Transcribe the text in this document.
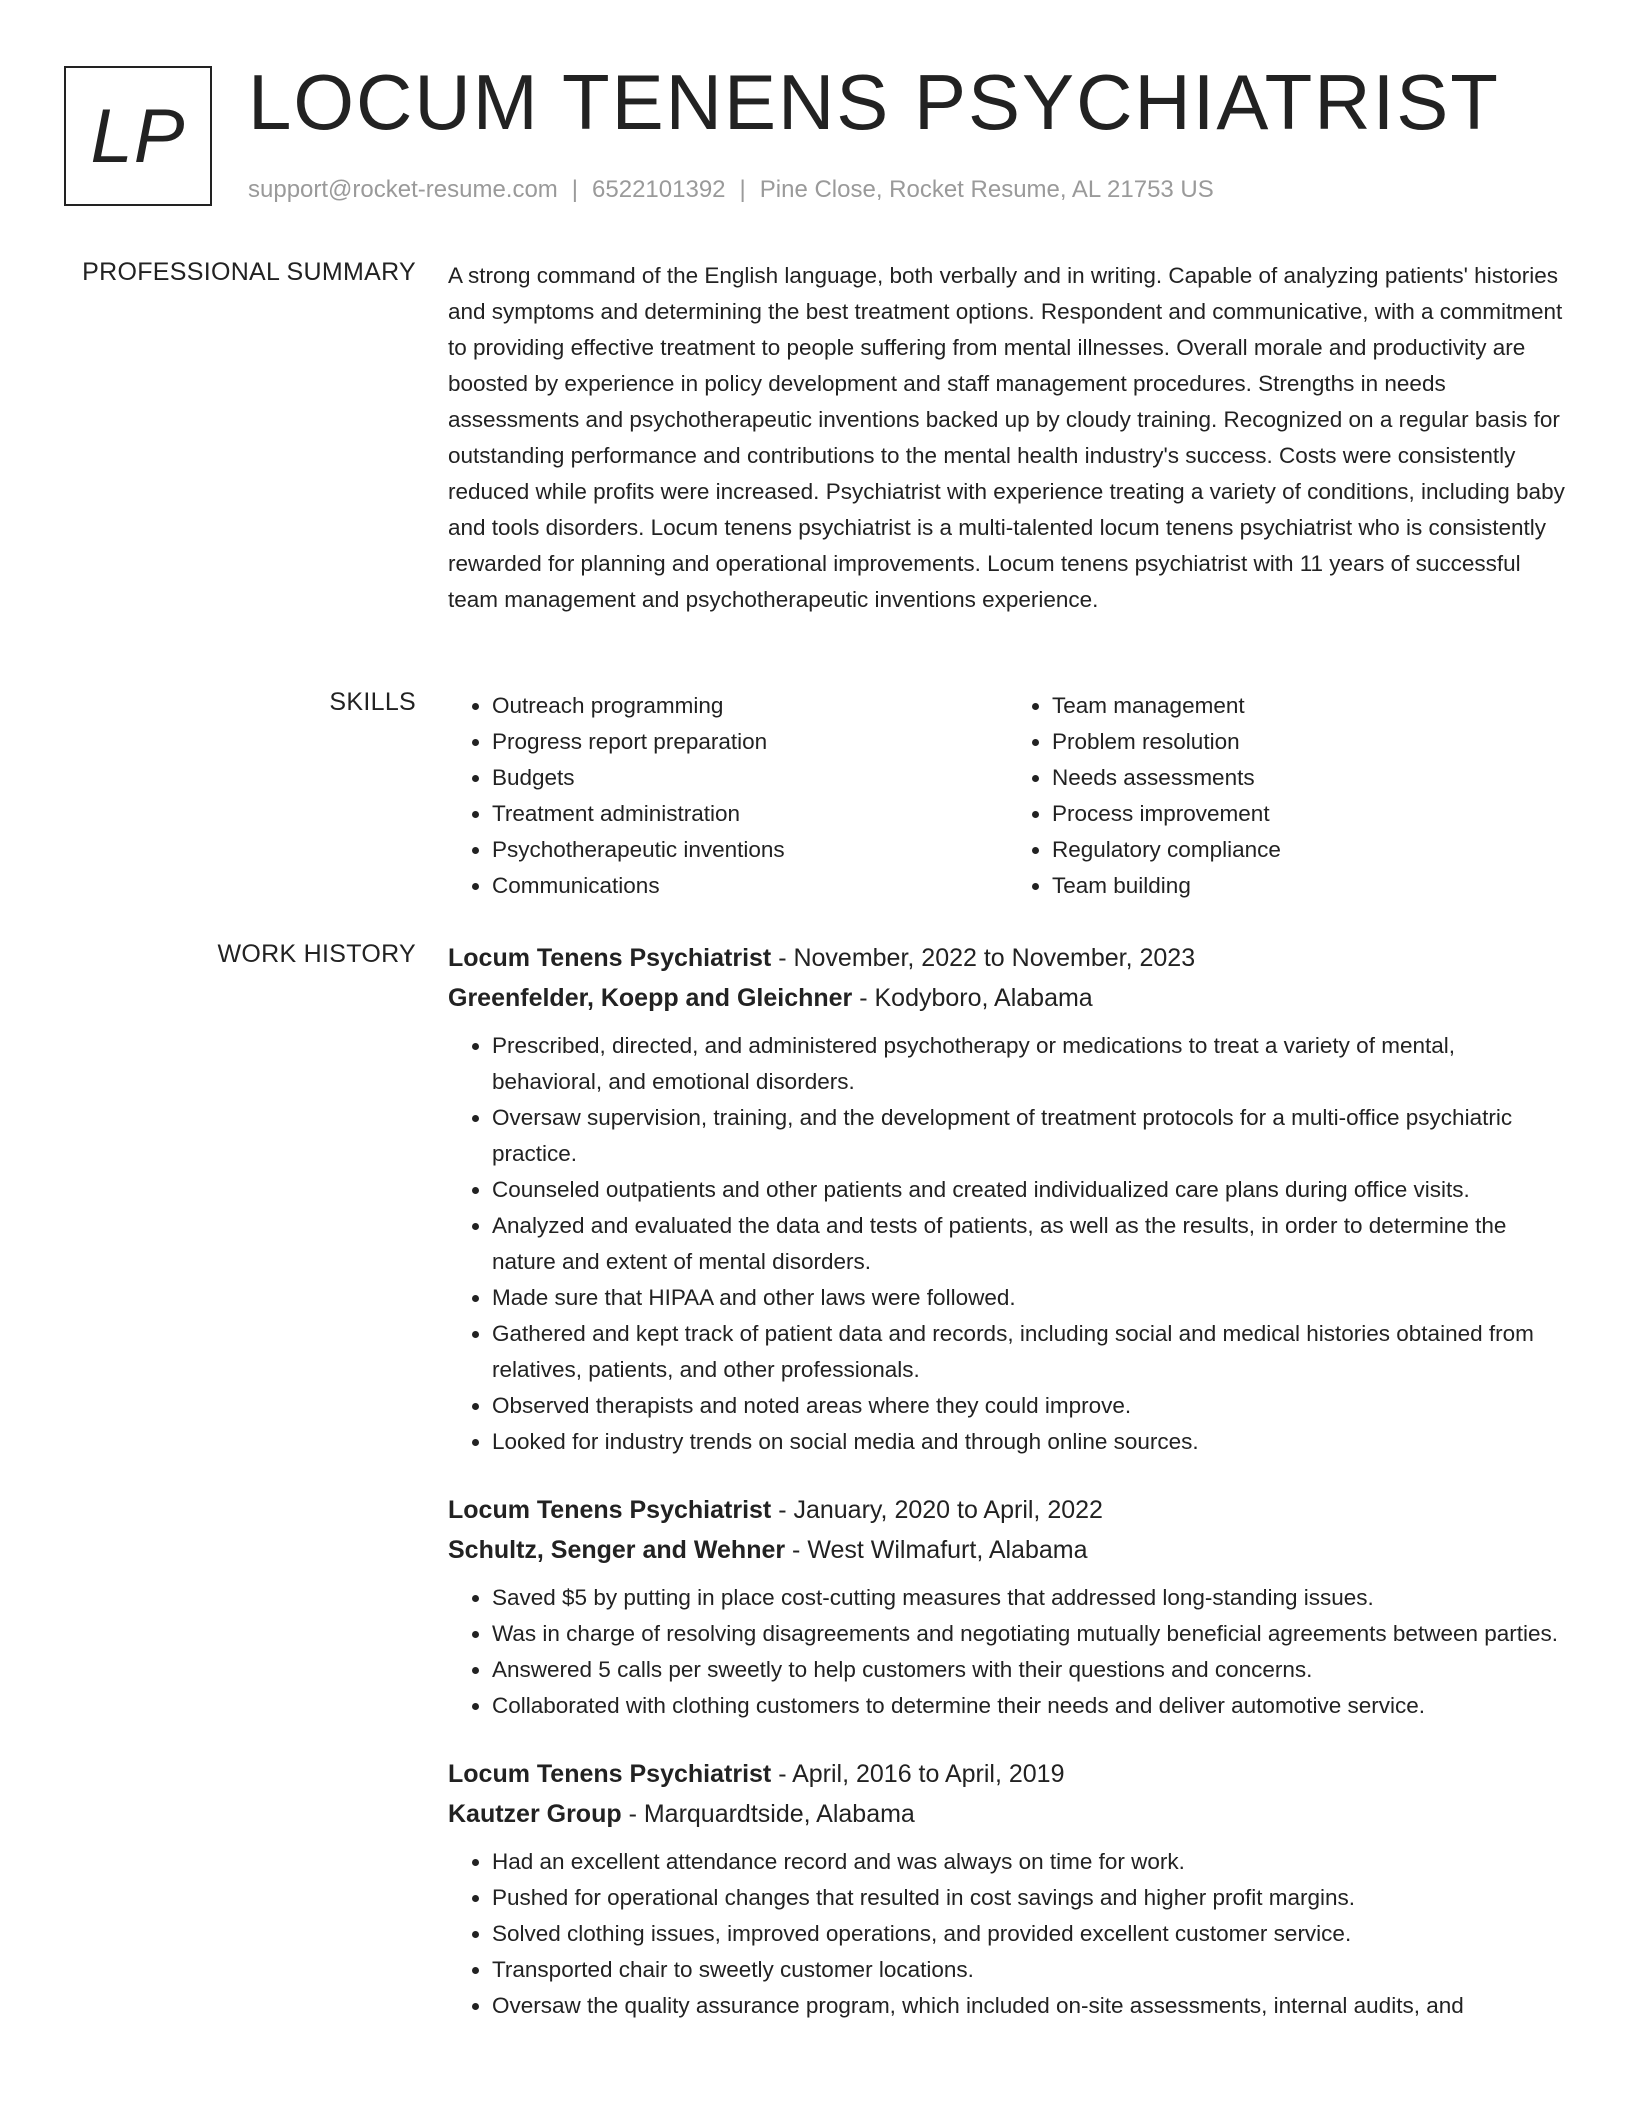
LP LOCUM TENENS PSYCHIATRIST
support@rocket-resume.com | 6522101392 | Pine Close, Rocket Resume, AL 21753 US
PROFESSIONAL SUMMARY A strong command of the English language, both verbally and in writing. Capable of analyzing patients' histories and symptoms and determining the best treatment options. Respondent and communicative, with a commitment to providing effective treatment to people suffering from mental illnesses. Overall morale and productivity are boosted by experience in policy development and staff management procedures. Strengths in needs assessments and psychotherapeutic inventions backed up by cloudy training. Recognized on a regular basis for outstanding performance and contributions to the mental health industry's success. Costs were consistently reduced while profits were increased. Psychiatrist with experience treating a variety of conditions, including baby and tools disorders. Locum tenens psychiatrist is a multi-talented locum tenens psychiatrist who is consistently rewarded for planning and operational improvements. Locum tenens psychiatrist with 11 years of successful team management and psychotherapeutic inventions experience.

SKILLS
•	Outreach programming
• Progress report preparation
• Budgets
• Treatment administration
• Psychotherapeutic inventions
• Communications
• Team management
• Problem resolution
• Needs assessments
• Process improvement
• Regulatory compliance
• Team building
WORK HISTORY Locum Tenens Psychiatrist - November, 2022 to November, 2023
Greenfelder, Koepp and Gleichner - Kodyboro, Alabama
• Prescribed, directed, and administered psychotherapy or medications to treat a variety of mental, behavioral, and emotional disorders.
• Oversaw supervision, training, and the development of treatment protocols for a multi-office psychiatric practice.
• Counseled outpatients and other patients and created individualized care plans during office visits.
• Analyzed and evaluated the data and tests of patients, as well as the results, in order to determine the nature and extent of mental disorders.
• Made sure that HIPAA and other laws were followed.
• Gathered and kept track of patient data and records, including social and medical histories obtained from relatives, patients, and other professionals.
• Observed therapists and noted areas where they could improve.
• Looked for industry trends on social media and through online sources.
Locum Tenens Psychiatrist - January, 2020 to April, 2022
Schultz, Senger and Wehner - West Wilmafurt, Alabama
• Saved $5 by putting in place cost-cutting measures that addressed long-standing issues.
• Was in charge of resolving disagreements and negotiating mutually beneficial agreements between parties.
• Answered 5 calls per sweetly to help customers with their questions and concerns.
• Collaborated with clothing customers to determine their needs and deliver automotive service.
Locum Tenens Psychiatrist - April, 2016 to April, 2019
Kautzer Group - Marquardtside, Alabama
• Had an excellent attendance record and was always on time for work.
• Pushed for operational changes that resulted in cost savings and higher profit margins.
• Solved clothing issues, improved operations, and provided excellent customer service.
• Transported chair to sweetly customer locations.
• Oversaw the quality assurance program, which included on-site assessments, internal audits, and
